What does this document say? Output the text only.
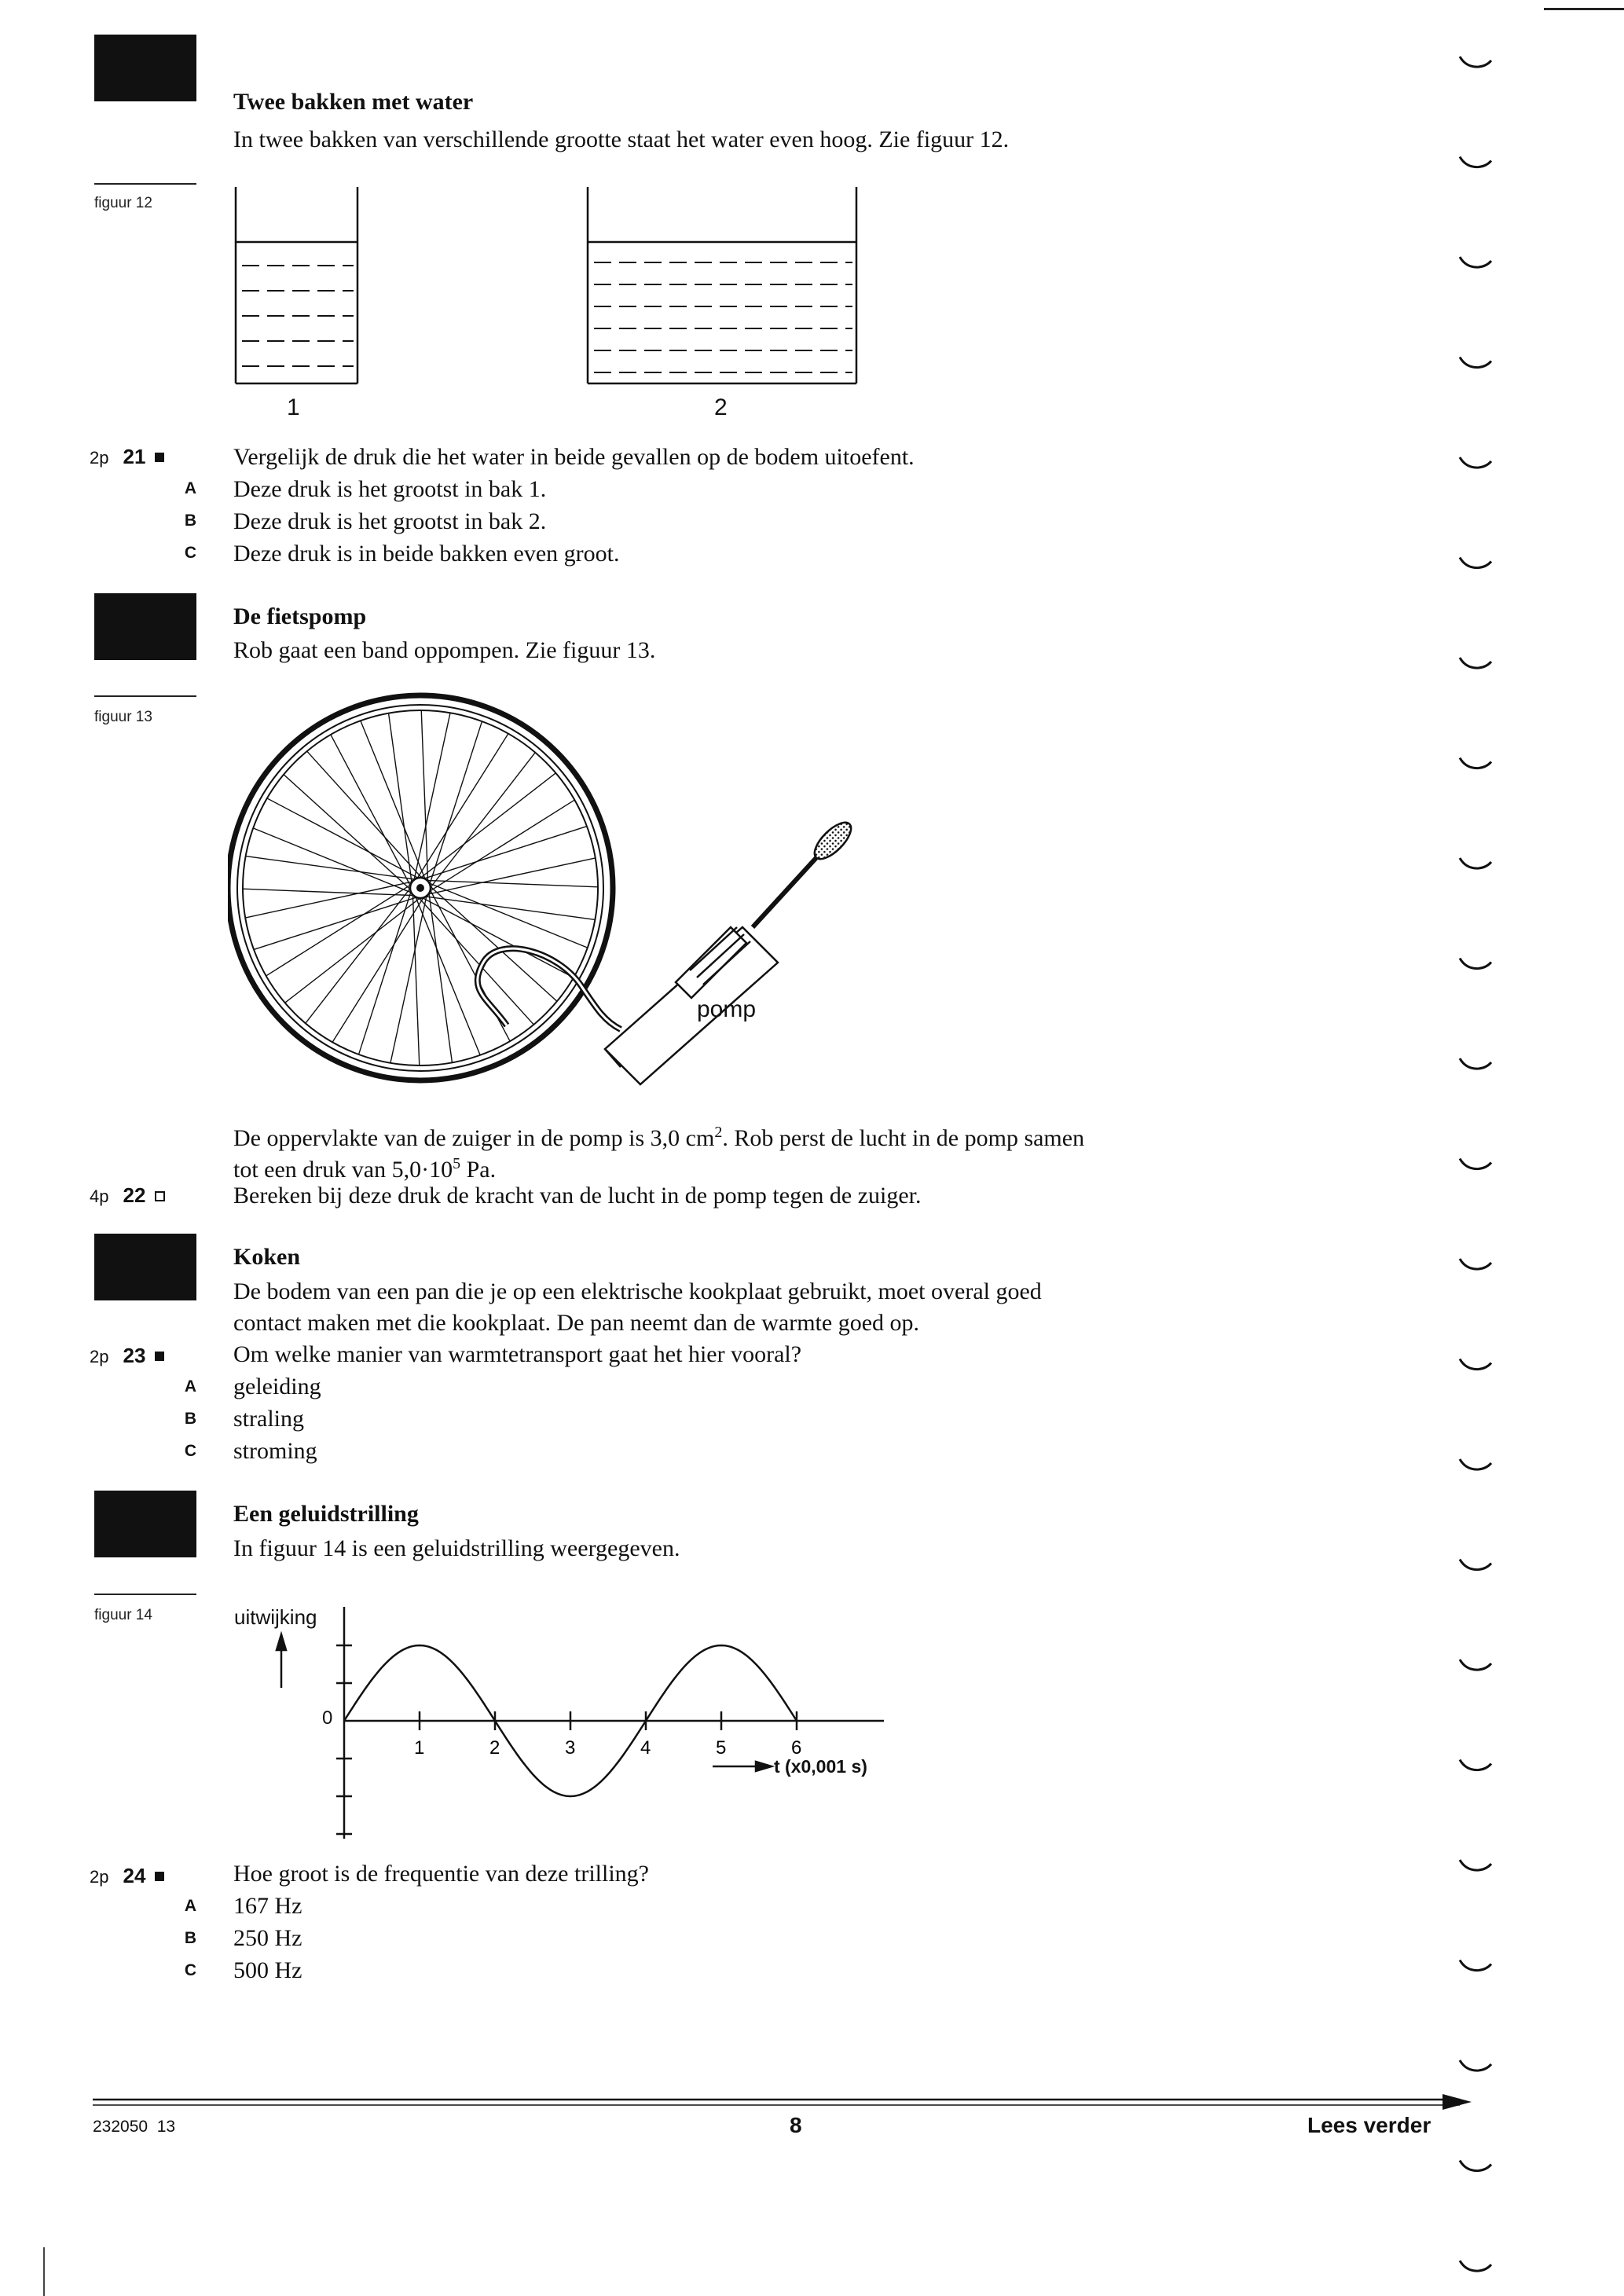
Twee bakken met water
In twee bakken van verschillende grootte staat het water even hoog. Zie figuur 12.
figuur 12
1	2
2p 21	Vergelijk de druk die het water in beide gevallen op de bodem uitoefent.
A Deze druk is het grootst in bak 1.
B Deze druk is het grootst in bak 2.
C Deze druk is in beide bakken even groot.
De fietspomp
Rob gaat een band oppompen. Zie figuur 13.
figuur 13
pomp
De oppervlakte van de zuiger in de pomp is 3,0 $cm^2$. Rob perst de lucht in de pomp samen
tot een druk van $5,0\cdot 10^5$ Pa.
4p 22	Bereken bij deze druk de kracht van de lucht in de pomp tegen de zuiger.
Koken
De bodem van een pan die je op een elektrische kookplaat gebruikt, moet overal goed
contact maken met die kookplaat. De pan neemt dan de warmte goed op.
2p 23	Om welke manier van warmtetransport gaat het hier vooral?
A geleiding
B straling
C stroming
Een geluidstrilling
In figuur 14 is een geluidstrilling weergegeven.
figuur 14	uitwijking
0
1	2	3	4	5	6
t (x0,001 s)
2p 24	Hoe groot is de frequentie van deze trilling?
A 167 Hz
B 250 Hz
C 500 Hz
232050  13	8	Lees verder
